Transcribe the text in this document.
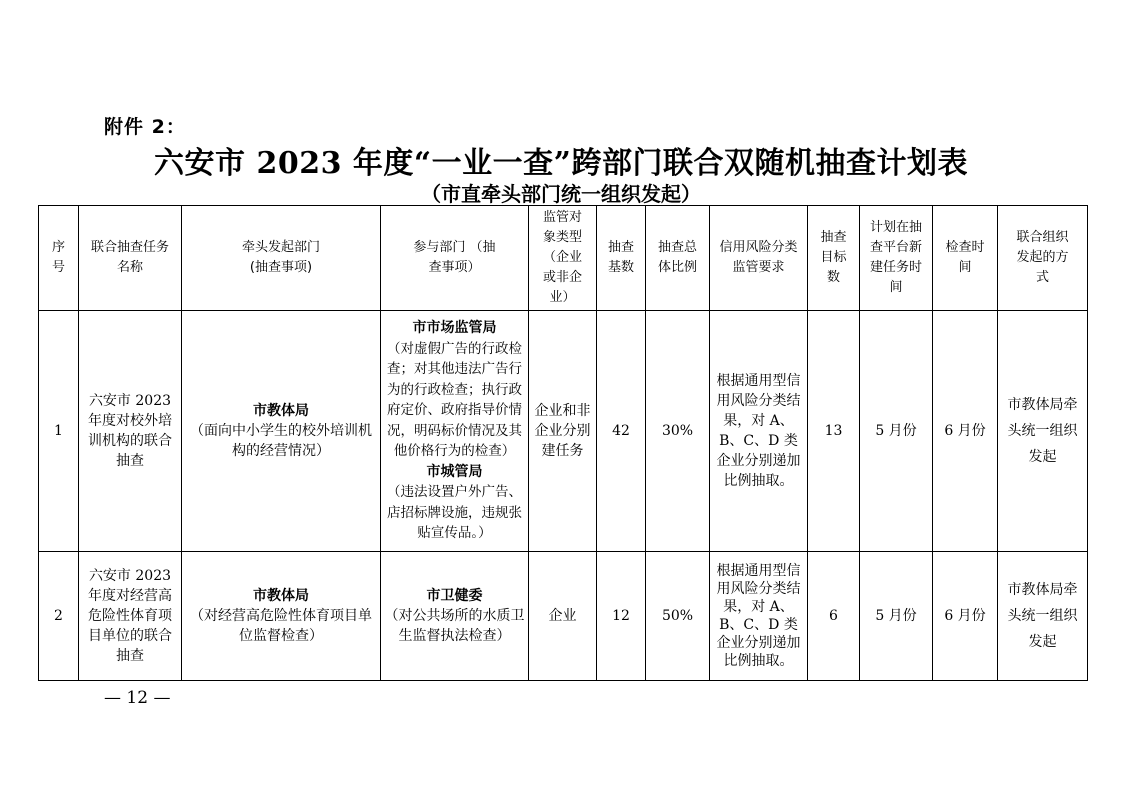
附件 2：
六安市 2023 年度“一业一查”跨部门联合双随机抽查计划表
（市直牵头部门统一组织发起）
序号	联合抽查任务名称	牵头发起部门 (抽查事项)	参与部门 （抽查事项）	监管对象类型 （企业或非企业）	抽查基数	抽查总体比例	信用风险分类监管要求	抽查目标数	计划在抽查平台新建任务时间	检查时间	联合组织发起的方式
1	六安市 2023 年度对校外培训机构的联合抽查	市教体局
（面向中小学生的校外培训机构的经营情况）	市市场监管局
（对虚假广告的行政检查；对其他违法广告行为的行政检查；执行政府定价、政府指导价情况，明码标价情况及其他价格行为的检查）
市城管局
（违法设置户外广告、店招标牌设施，违规张贴宣传品。）	企业和非企业分别建任务	42	30%	根据通用型信用风险分类结果，对 A、B、C、D 类企业分别递加比例抽取。	13	5 月份	6 月份	市教体局牵头统一组织发起
2	六安市 2023 年度对经营高危险性体育项目单位的联合抽查	市教体局
（对经营高危险性体育项目单位监督检查）	市卫健委
（对公共场所的水质卫生监督执法检查）	企业	12	50%	根据通用型信用风险分类结果，对 A、B、C、D 类企业分别递加比例抽取。	6	5 月份	6 月份	市教体局牵头统一组织发起
— 12 —
